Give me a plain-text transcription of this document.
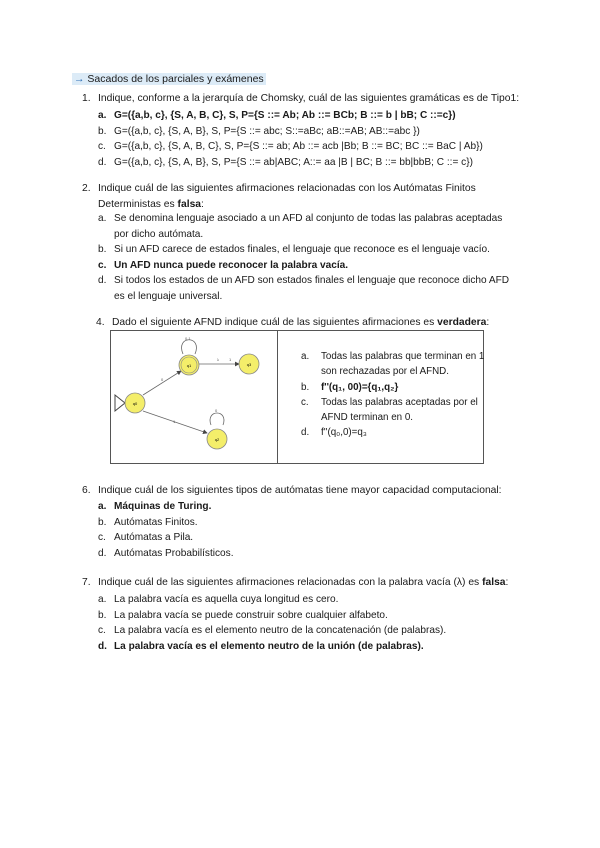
→ Sacados de los parciales y exámenes
1. Indique, conforme a la jerarquía de Chomsky, cuál de las siguientes gramáticas es de Tipo1:
a. G=({a,b, c}, {S, A, B, C}, S, P={S ::= Ab; Ab ::= BCb; B ::= b | bB; C ::=c})
b. G=({a,b, c}, {S, A, B}, S, P={S ::= abc; S::=aBc; aB::=AB; AB::=abc })
c. G=({a,b, c}, {S, A, B, C}, S, P={S ::= ab; Ab ::= acb |Bb; B ::= BC; BC ::= BaC | Ab})
d. G=({a,b, c}, {S, A, B}, S, P={S ::= ab|ABC; A::= aa |B | BC; B ::= bb|bbB; C ::= c})
2. Indique cuál de las siguientes afirmaciones relacionadas con los Autómatas Finitos
Deterministas es falsa:
a. Se denomina lenguaje asociado a un AFD al conjunto de todas las palabras aceptadas
por dicho autómata.
b. Si un AFD carece de estados finales, el lenguaje que reconoce es el lenguaje vacío.
c. Un AFD nunca puede reconocer la palabra vacía.
d. Si todos los estados de un AFD son estados finales el lenguaje que reconoce dicho AFD
es el lenguaje universal.
4. Dado el siguiente AFND indique cuál de las siguientes afirmaciones es verdadera:
q0
q1
q2
q3
0
1
0,1
λ	1
0
a.	Todas las palabras que terminan en 1
son rechazadas por el AFND.
b.	f''(q₁, 00)={q₁,q₂}
c.	Todas las palabras aceptadas por el
AFND terminan en 0.
d.	f''(q₀,0)=q₃
6. Indique cuál de los siguientes tipos de autómatas tiene mayor capacidad computacional:
a. Máquinas de Turing.
b. Autómatas Finitos.
c. Autómatas a Pila.
d. Autómatas Probabilísticos.
7. Indique cuál de las siguientes afirmaciones relacionadas con la palabra vacía (λ) es falsa:
a. La palabra vacía es aquella cuya longitud es cero.
b. La palabra vacía se puede construir sobre cualquier alfabeto.
c. La palabra vacía es el elemento neutro de la concatenación (de palabras).
d. La palabra vacía es el elemento neutro de la unión (de palabras).
